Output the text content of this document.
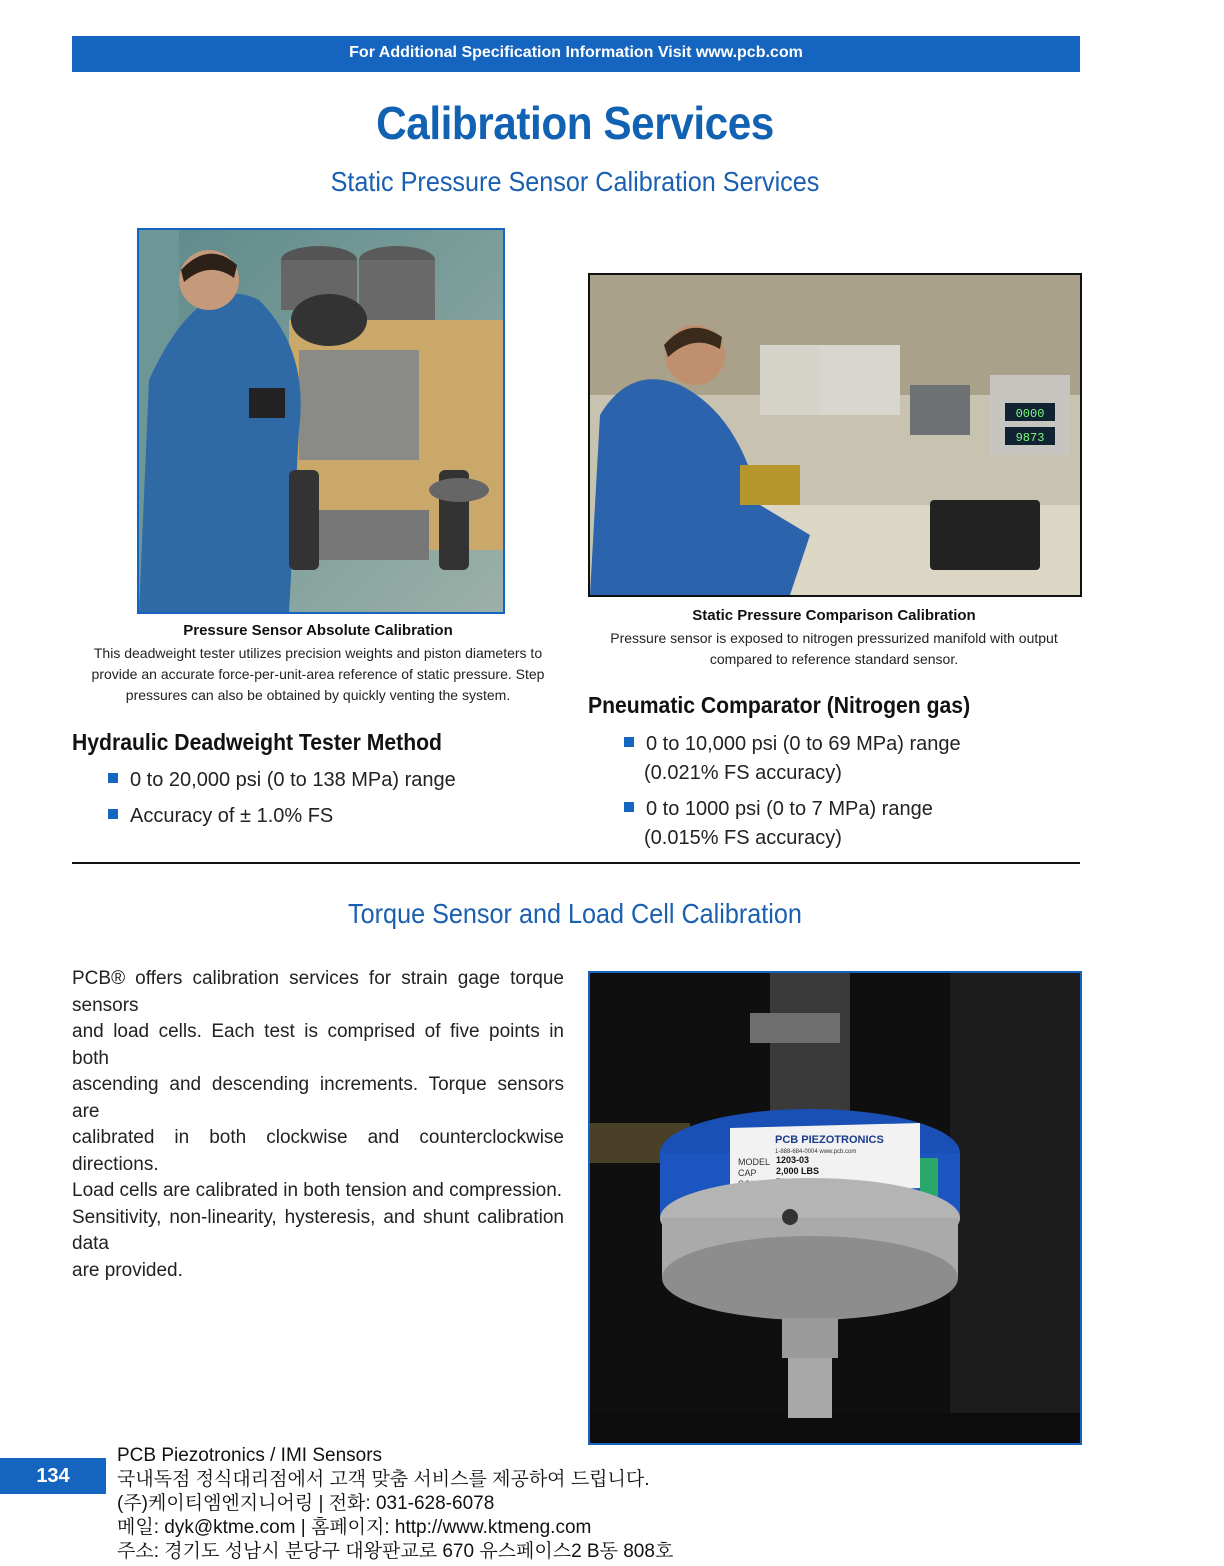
For Additional Specification Information Visit www.pcb.com
Calibration Services
Static Pressure Sensor Calibration Services
0000
9873
Pressure Sensor Absolute Calibration
This deadweight tester utilizes precision weights and piston diameters to
provide an accurate force-per-unit-area reference of static pressure. Step
pressures can also be obtained by quickly venting the system.
Static Pressure Comparison Calibration
Pressure sensor is exposed to nitrogen pressurized manifold with output
compared to reference standard sensor.
Hydraulic Deadweight Tester Method
0 to 20,000 psi (0 to 138 MPa) range
Accuracy of ± 1.0% FS
Pneumatic Comparator (Nitrogen gas)
0 to 10,000 psi (0 to 69 MPa) range
(0.021% FS accuracy)
0 to 1000 psi (0 to 7 MPa) range
(0.015% FS accuracy)
Torque Sensor and Load Cell Calibration
PCB® offers calibration services for strain gage torque sensors
and load cells. Each test is comprised of five points in both
ascending and descending increments. Torque sensors are
calibrated in both clockwise and counterclockwise directions.
Load cells are calibrated in both tension and compression.
Sensitivity, non-linearity, hysteresis, and shunt calibration data
are provided.
PCB PIEZOTRONICS
1-888-684-0004 www.pcb.com
MODEL 1203-03
CAP 2,000 LBS
134
PCB Piezotronics / IMI Sensors
국내독점 정식대리점에서 고객 맞춤 서비스를 제공하여 드립니다.
(주)케이티엠엔지니어링 | 전화: 031-628-6078
메일: dyk@ktme.com | 홈페이지: http://www.ktmeng.com
주소: 경기도 성남시 분당구 대왕판교로 670 유스페이스2 B동 808호
